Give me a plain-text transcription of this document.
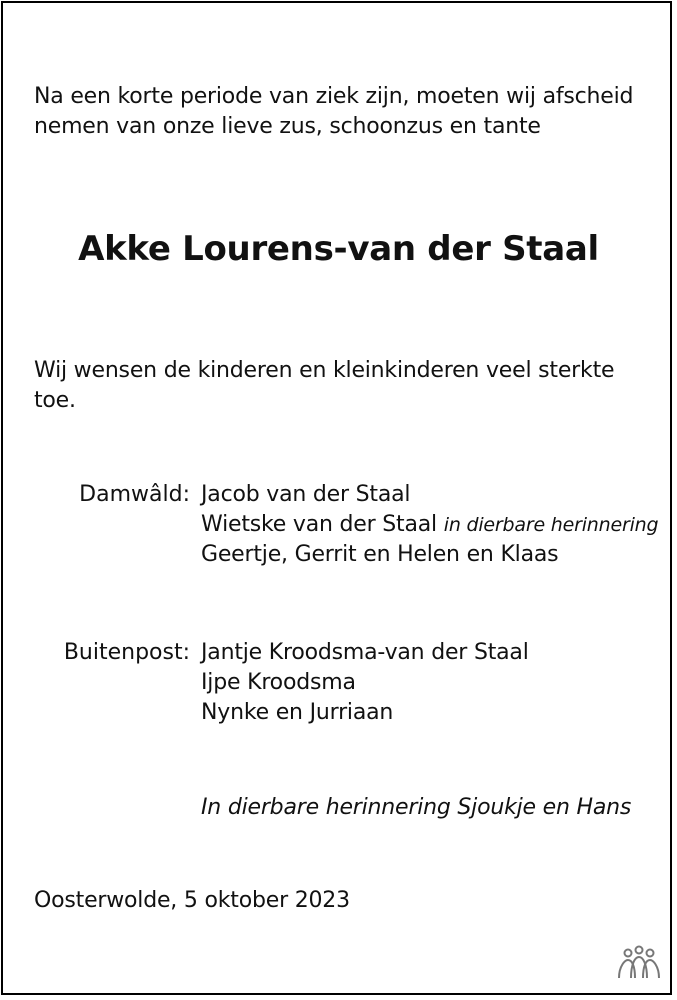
Na een korte periode van ziek zijn, moeten wij afscheid
nemen van onze lieve zus, schoonzus en tante
Akke Lourens-van der Staal
Wij wensen de kinderen en kleinkinderen veel sterkte
toe.
Damwâld: Jacob van der Staal
Wietske van der Staal in dierbare herinnering
Geertje, Gerrit en Helen en Klaas
Buitenpost: Jantje Kroodsma-van der Staal
Ijpe Kroodsma
Nynke en Jurriaan
In dierbare herinnering Sjoukje en Hans
Oosterwolde, 5 oktober 2023
